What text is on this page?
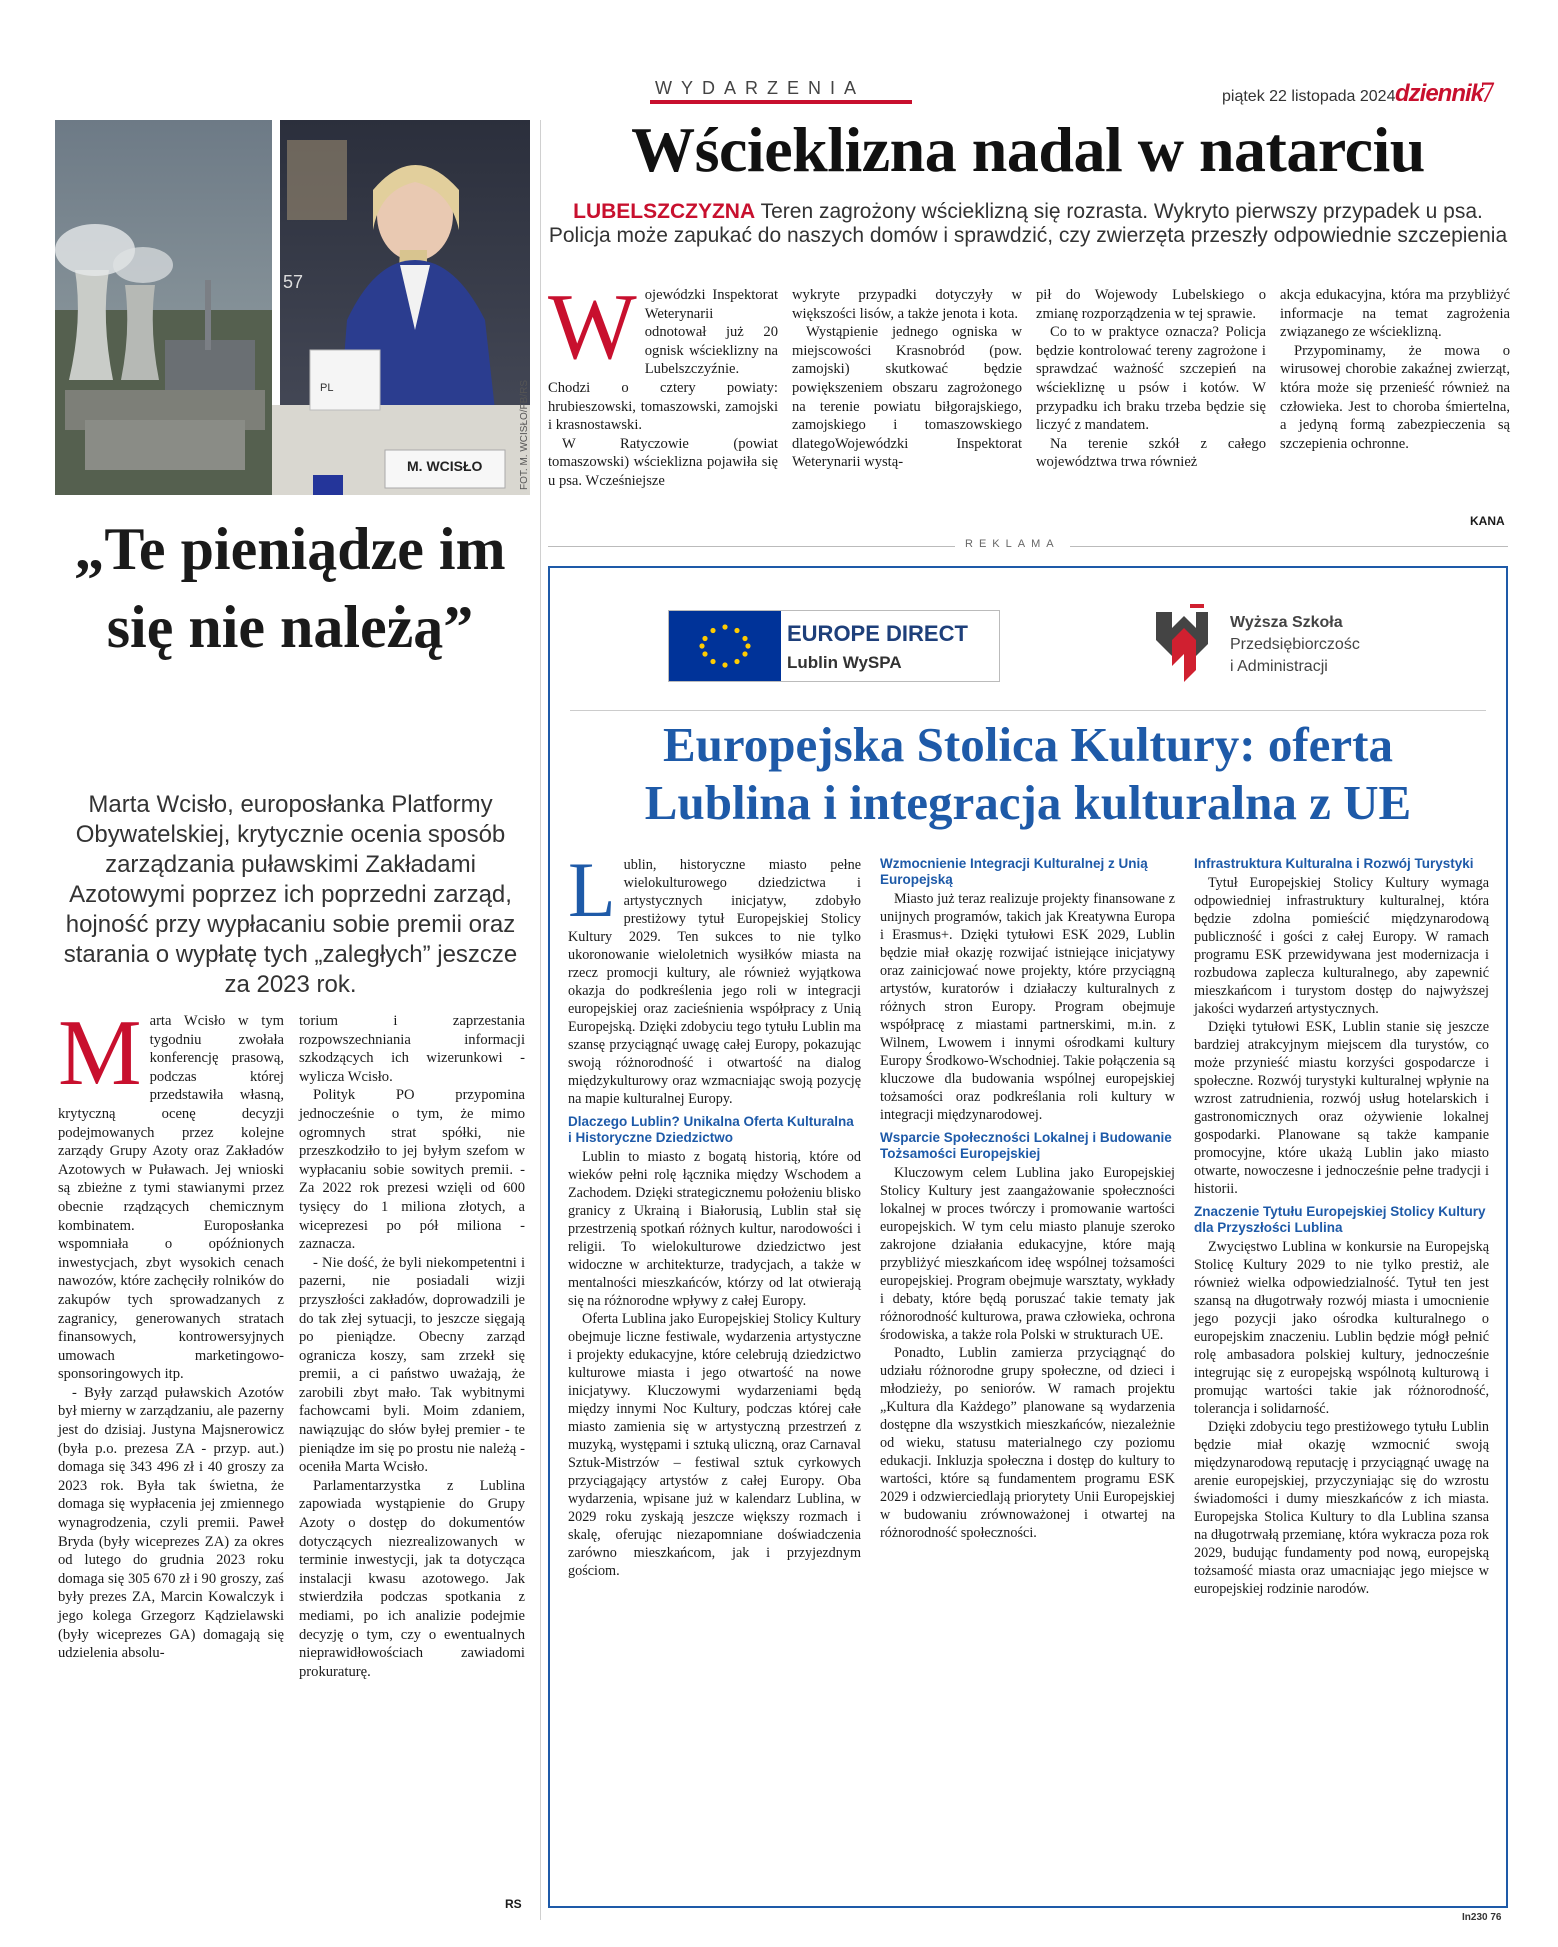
WYDARZENIA	piątek 22 listopada 2024 dziennik
7
PL
57
M. WCISŁO	FOT. M. WCISŁO/FB/RS
„Te pieniądze im się nie należą”
Marta Wcisło, europosłanka Platformy Obywatelskiej, krytycznie ocenia sposób zarządzania puławskimi Zakładami Azotowymi poprzez ich poprzedni zarząd, hojność przy wypłacaniu sobie premii oraz starania o wypłatę tych „zaległych” jeszcze za 2023 rok.
M arta Wcisło w tym tygodniu zwołała konferencję prasową, podczas której przedstawiła własną, krytyczną ocenę decyzji podejmowanych przez kolejne zarządy Grupy Azoty oraz Zakładów Azotowych w Puławach. Jej wnioski są zbieżne z tymi stawianymi przez obecnie rządzących chemicznym kombinatem. Europosłanka wspomniała o opóźnionych inwestycjach, zbyt wysokich cenach nawozów, które zachęciły rolników do zakupów tych sprowadzanych z zagranicy, generowanych stratach finansowych, kontrowersyjnych umowach marketingowo-sponsoringowych itp.

- Były zarząd puławskich Azotów był mierny w zarządzaniu, ale pazerny jest do dzisiaj. Justyna Majsnerowicz (była p.o. prezesa ZA - przyp. aut.) domaga się 343 496 zł i 40 groszy za 2023 rok. Była tak świetna, że domaga się wypłacenia jej zmiennego wynagrodzenia, czyli premii. Paweł Bryda (były wiceprezes ZA) za okres od lutego do grudnia 2023 roku domaga się 305 670 zł i 90 groszy, zaś były prezes ZA, Marcin Kowalczyk i jego kolega Grzegorz Kądzielawski (były wiceprezes GA) domagają się udzielenia absolu-

torium i zaprzestania rozpowszechniania informacji szkodzących ich wizerunkowi - wylicza Wcisło.

Polityk PO przypomina jednocześnie o tym, że mimo ogromnych strat spółki, nie przeszkodziło to jej byłym szefom w wypłacaniu sobie sowitych premii. - Za 2022 rok prezesi wzięli od 600 tysięcy do 1 miliona złotych, a wiceprezesi po pół miliona - zaznacza.

- Nie dość, że byli niekompetentni i pazerni, nie posiadali wizji przyszłości zakładów, doprowadzili je do tak złej sytuacji, to jeszcze sięgają po pieniądze. Obecny zarząd ogranicza koszy, sam zrzekł się premii, a ci państwo uważają, że zarobili zbyt mało. Tak wybitnymi fachowcami byli. Moim zdaniem, nawiązując do słów byłej premier - te pieniądze im się po prostu nie należą - oceniła Marta Wcisło.

Parlamentarzystka z Lublina zapowiada wystąpienie do Grupy Azoty o dostęp do dokumentów dotyczących niezrealizowanych w terminie inwestycji, jak ta dotycząca instalacji kwasu azotowego. Jak stwierdziła podczas spotkania z mediami, po ich analizie podejmie decyzję o tym, czy o ewentualnych nieprawidłowościach zawiadomi prokuraturę.

RS
Wścieklizna nadal w natarciu
LUBELSZCZYZNA Teren zagrożony wścieklizną się rozrasta. Wykryto pierwszy przypadek u psa. Policja może zapukać do naszych domów i sprawdzić, czy zwierzęta przeszły odpowiednie szczepienia
W ojewódzki Inspektorat Weterynarii odnotował już 20 ognisk wścieklizny na Lubelszczyźnie. Chodzi o cztery powiaty: hrubieszowski, tomaszowski, zamojski i krasnostawski.

W Ratyczowie (powiat tomaszowski) wścieklizna pojawiła się u psa. Wcześniejsze

wykryte przypadki dotyczyły w większości lisów, a także jenota i kota.

Wystąpienie jednego ogniska w miejscowości Krasnobród (pow. zamojski) skutkować będzie powiększeniem obszaru zagrożonego na terenie powiatu biłgorajskiego, zamojskiego i tomaszowskiego dlategoWojewódzki Inspektorat Weterynarii wystą-

pił do Wojewody Lubelskiego o zmianę rozporządzenia w tej sprawie.

Co to w praktyce oznacza? Policja będzie kontrolować tereny zagrożone i sprawdzać ważność szczepień na wściekliznę u psów i kotów. W przypadku ich braku trzeba będzie się liczyć z mandatem.

Na terenie szkół z całego województwa trwa również

akcja edukacyjna, która ma przybliżyć informacje na temat zagrożenia związanego ze wścieklizną.

Przypominamy, że mowa o wirusowej chorobie zakaźnej zwierząt, która może się przenieść również na człowieka. Jest to choroba śmiertelna, a jedyną formą zabezpieczenia są szczepienia ochronne.

KANA
REKLAMA
EUROPE DIRECT
Lublin WySPA
Wyższa Szkoła
Przedsiębiorczośc
i Administracji
Europejska Stolica Kultury: oferta Lublina i integracja kulturalna z UE
L ublin, historyczne miasto pełne wielokulturowego dziedzictwa i artystycznych inicjatyw, zdobyło prestiżowy tytuł Europejskiej Stolicy Kultury 2029. Ten sukces to nie tylko ukoronowanie wieloletnich wysiłków miasta na rzecz promocji kultury, ale również wyjątkowa okazja do podkreślenia jego roli w integracji europejskiej oraz zacieśnienia współpracy z Unią Europejską. Dzięki zdobyciu tego tytułu Lublin ma szansę przyciągnąć uwagę całej Europy, pokazując swoją różnorodność i otwartość na dialog międzykulturowy oraz wzmacniając swoją pozycję na mapie kulturalnej Europy.

Dlaczego Lublin? Unikalna Oferta Kulturalna i Historyczne Dziedzictwo

Lublin to miasto z bogatą historią, które od wieków pełni rolę łącznika między Wschodem a Zachodem. Dzięki strategicznemu położeniu blisko granicy z Ukrainą i Białorusią, Lublin stał się przestrzenią spotkań różnych kultur, narodowości i religii. To wielokulturowe dziedzictwo jest widoczne w architekturze, tradycjach, a także w mentalności mieszkańców, którzy od lat otwierają się na różnorodne wpływy z całej Europy.

Oferta Lublina jako Europejskiej Stolicy Kultury obejmuje liczne festiwale, wydarzenia artystyczne i projekty edukacyjne, które celebrują dziedzictwo kulturowe miasta i jego otwartość na nowe inicjatywy. Kluczowymi wydarzeniami będą między innymi Noc Kultury, podczas której całe miasto zamienia się w artystyczną przestrzeń z muzyką, występami i sztuką uliczną, oraz Carnaval Sztuk-Mistrzów – festiwal sztuk cyrkowych przyciągający artystów z całej Europy. Oba wydarzenia, wpisane już w kalendarz Lublina, w 2029 roku zyskają jeszcze większy rozmach i skalę, oferując niezapomniane doświadczenia zarówno mieszkańcom, jak i przyjezdnym gościom.

Wzmocnienie Integracji Kulturalnej z Unią Europejską

Miasto już teraz realizuje projekty finansowane z unijnych programów, takich jak Kreatywna Europa i Erasmus+. Dzięki tytułowi ESK 2029, Lublin będzie miał okazję rozwijać istniejące inicjatywy oraz zainicjować nowe projekty, które przyciągną artystów, kuratorów i działaczy kulturalnych z różnych stron Europy. Program obejmuje współpracę z miastami partnerskimi, m.in. z Wilnem, Lwowem i innymi ośrodkami kultury Europy Środkowo-Wschodniej. Takie połączenia są kluczowe dla budowania wspólnej europejskiej tożsamości oraz podkreślania roli kultury w integracji międzynarodowej.

Wsparcie Społeczności Lokalnej i Budowanie Tożsamości Europejskiej

Kluczowym celem Lublina jako Europejskiej Stolicy Kultury jest zaangażowanie społeczności lokalnej w proces twórczy i promowanie wartości europejskich. W tym celu miasto planuje szeroko zakrojone działania edukacyjne, które mają przybliżyć mieszkańcom ideę wspólnej tożsamości europejskiej. Program obejmuje warsztaty, wykłady i debaty, które będą poruszać takie tematy jak różnorodność kulturowa, prawa człowieka, ochrona środowiska, a także rola Polski w strukturach UE.

Ponadto, Lublin zamierza przyciągnąć do udziału różnorodne grupy społeczne, od dzieci i młodzieży, po seniorów. W ramach projektu „Kultura dla Każdego” planowane są wydarzenia dostępne dla wszystkich mieszkańców, niezależnie od wieku, statusu materialnego czy poziomu edukacji. Inkluzja społeczna i dostęp do kultury to wartości, które są fundamentem programu ESK 2029 i odzwierciedlają priorytety Unii Europejskiej w budowaniu zrównoważonej i otwartej na różnorodność społeczności.

Infrastruktura Kulturalna i Rozwój Turystyki

Tytuł Europejskiej Stolicy Kultury wymaga odpowiedniej infrastruktury kulturalnej, która będzie zdolna pomieścić międzynarodową publiczność i gości z całej Europy. W ramach programu ESK przewidywana jest modernizacja i rozbudowa zaplecza kulturalnego, aby zapewnić mieszkańcom i turystom dostęp do najwyższej jakości wydarzeń artystycznych.

Dzięki tytułowi ESK, Lublin stanie się jeszcze bardziej atrakcyjnym miejscem dla turystów, co może przynieść miastu korzyści gospodarcze i społeczne. Rozwój turystyki kulturalnej wpłynie na wzrost zatrudnienia, rozwój usług hotelarskich i gastronomicznych oraz ożywienie lokalnej gospodarki. Planowane są także kampanie promocyjne, które ukażą Lublin jako miasto otwarte, nowoczesne i jednocześnie pełne tradycji i historii.

Znaczenie Tytułu Europejskiej Stolicy Kultury dla Przyszłości Lublina

Zwycięstwo Lublina w konkursie na Europejską Stolicę Kultury 2029 to nie tylko prestiż, ale również wielka odpowiedzialność. Tytuł ten jest szansą na długotrwały rozwój miasta i umocnienie jego pozycji jako ośrodka kulturalnego o europejskim znaczeniu. Lublin będzie mógł pełnić rolę ambasadora polskiej kultury, jednocześnie integrując się z europejską wspólnotą kulturową i promując wartości takie jak różnorodność, tolerancja i solidarność.

Dzięki zdobyciu tego prestiżowego tytułu Lublin będzie miał okazję wzmocnić swoją międzynarodową reputację i przyciągnąć uwagę na arenie europejskiej, przyczyniając się do wzrostu świadomości i dumy mieszkańców z ich miasta. Europejska Stolica Kultury to dla Lublina szansa na długotrwałą przemianę, która wykracza poza rok 2029, budując fundamenty pod nową, europejską tożsamość miasta oraz umacniając jego miejsce w europejskiej rodzinie narodów.

In230 76
